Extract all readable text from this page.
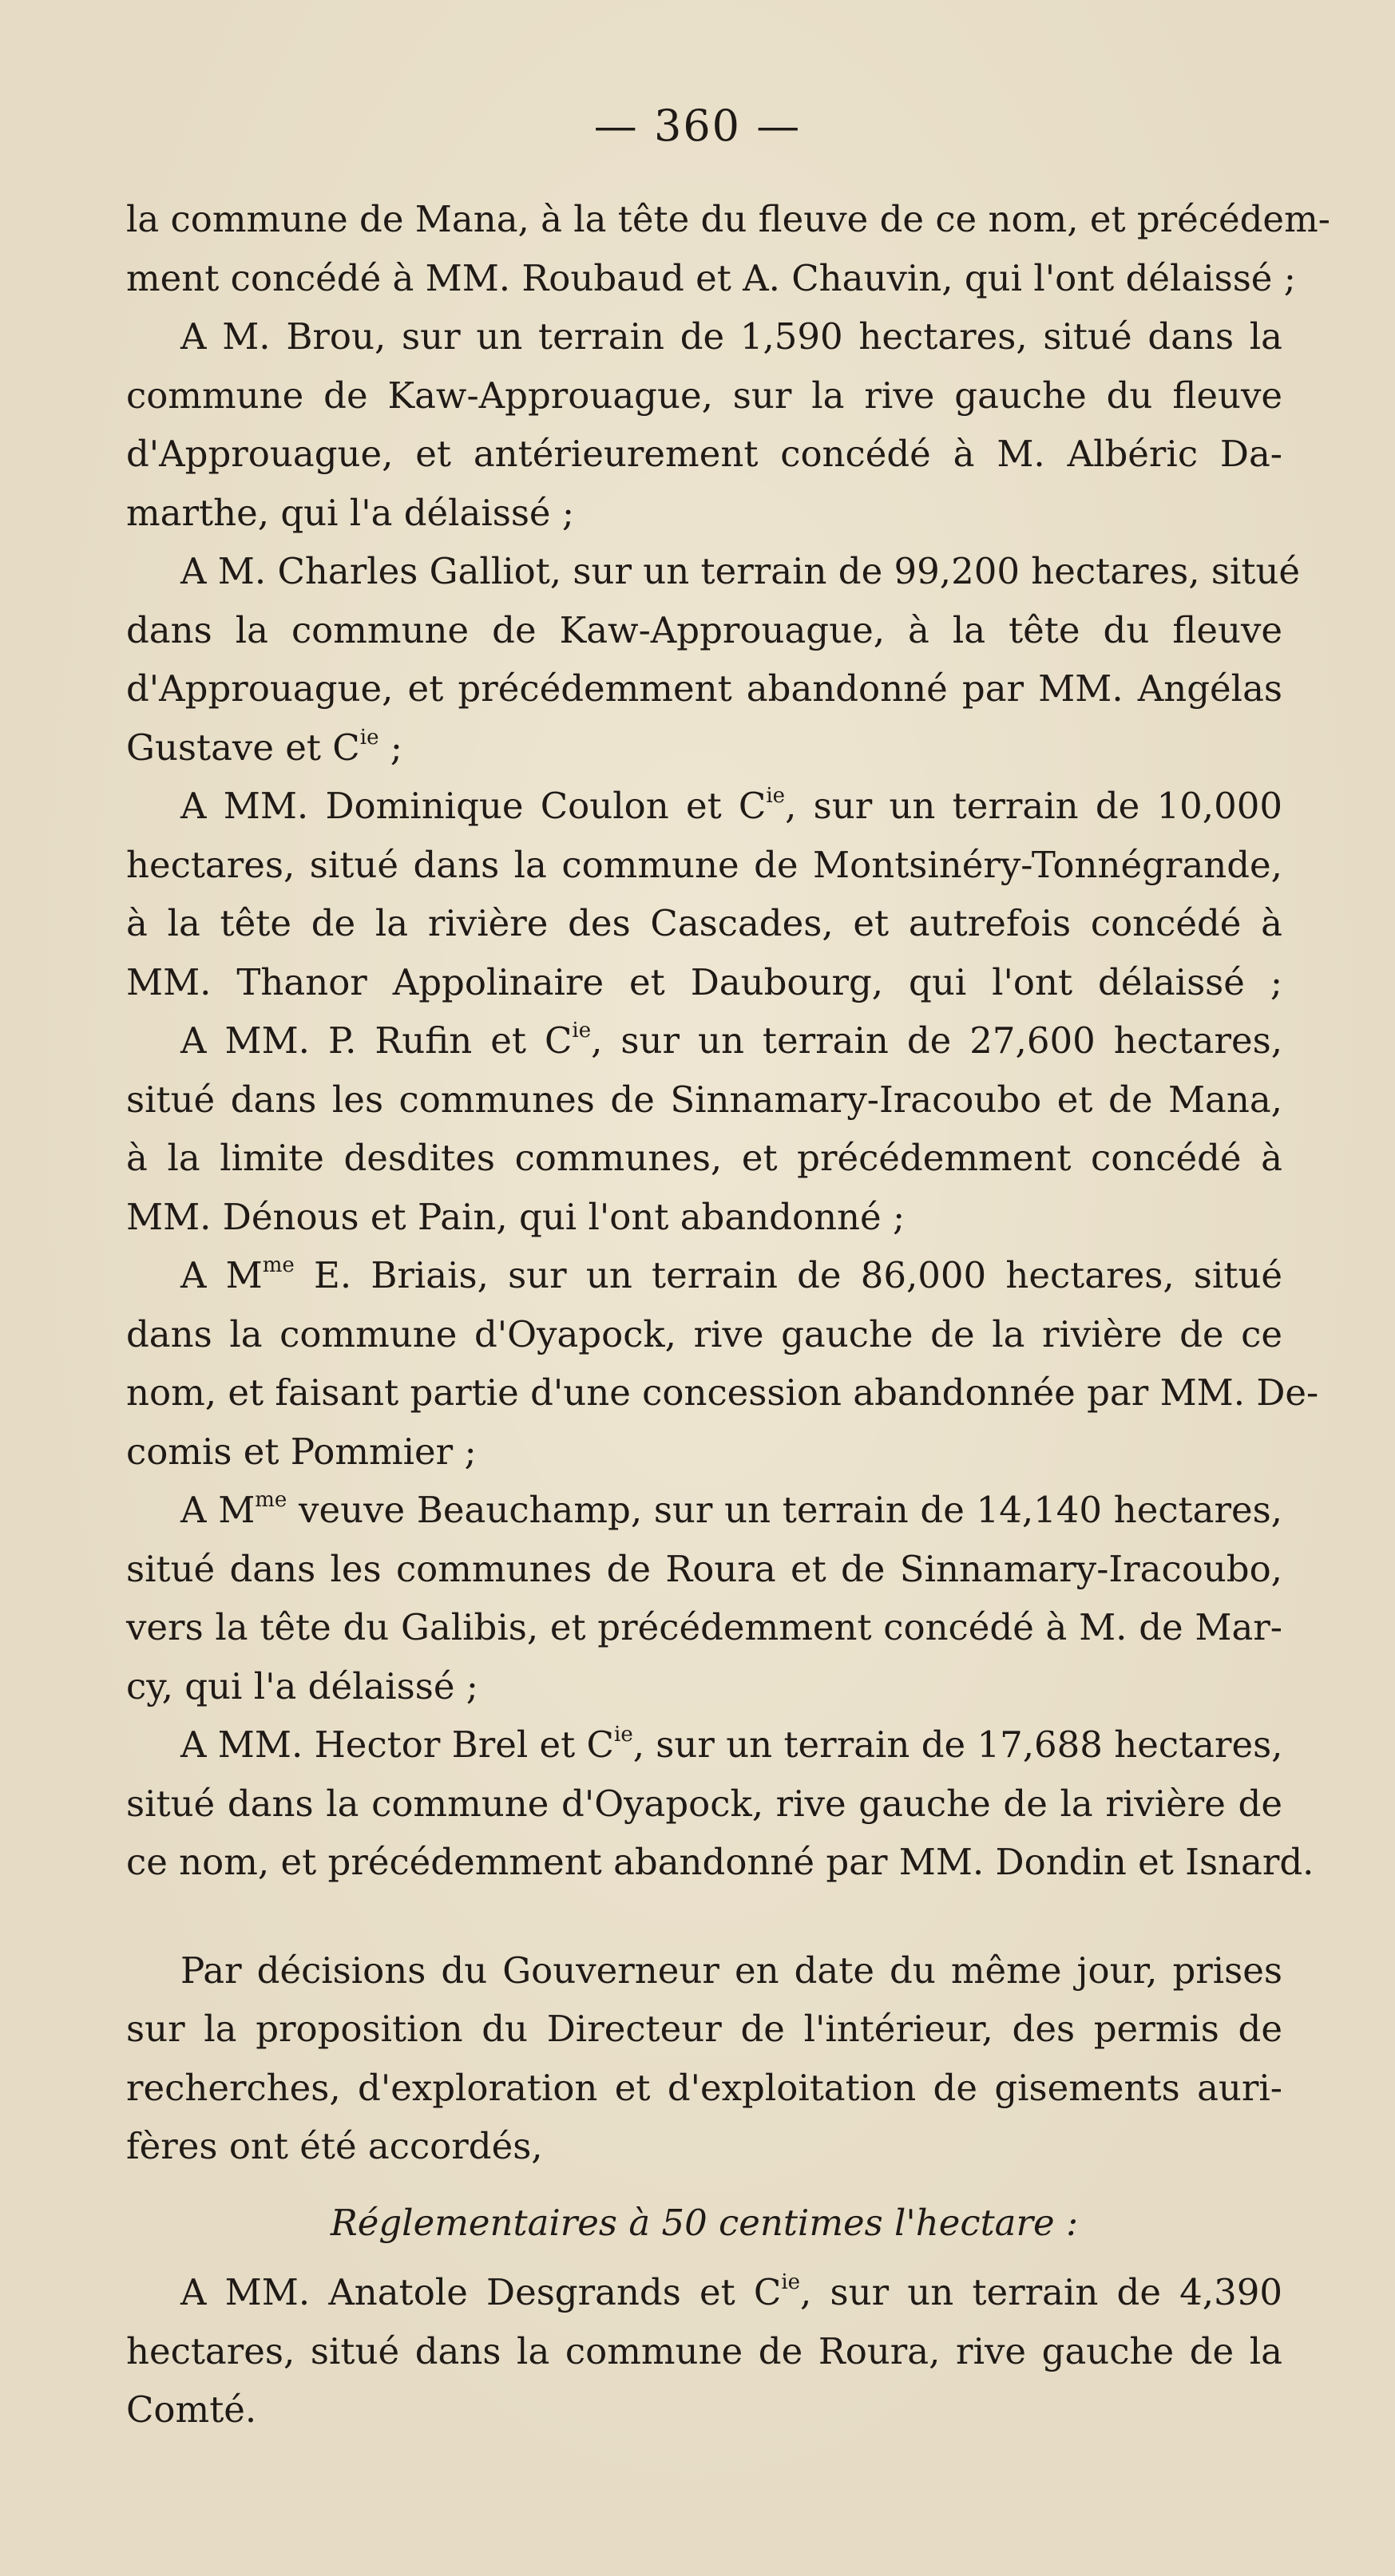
— 360 —
la commune de Mana, à la tête du fleuve de ce nom, et précédem-
ment concédé à MM. Roubaud et A. Chauvin, qui l'ont délaissé ;
A M. Brou, sur un terrain de 1,590 hectares, situé dans la
commune de Kaw-Approuague, sur la rive gauche du fleuve
d'Approuague, et antérieurement concédé à M. Albéric Da-
marthe, qui l'a délaissé ;
A M. Charles Galliot, sur un terrain de 99,200 hectares, situé
dans la commune de Kaw-Approuague, à la tête du fleuve
d'Approuague, et précédemment abandonné par MM. Angélas
Gustave et $C^{ie}$ ;
A MM. Dominique Coulon et $C^{ie}$, sur un terrain de 10,000
hectares, situé dans la commune de Montsinéry-Tonnégrande,
à la tête de la rivière des Cascades, et autrefois concédé à
MM. Thanor Appolinaire et Daubourg, qui l'ont délaissé ;
A MM. P. Rufin et $C^{ie}$, sur un terrain de 27,600 hectares,
situé dans les communes de Sinnamary-Iracoubo et de Mana,
à la limite desdites communes, et précédemment concédé à
MM. Dénous et Pain, qui l'ont abandonné ;
A $M^{me}$ E. Briais, sur un terrain de 86,000 hectares, situé
dans la commune d'Oyapock, rive gauche de la rivière de ce
nom, et faisant partie d'une concession abandonnée par MM. De-
comis et Pommier ;
A $M^{me}$ veuve Beauchamp, sur un terrain de 14,140 hectares,
situé dans les communes de Roura et de Sinnamary-Iracoubo,
vers la tête du Galibis, et précédemment concédé à M. de Mar-
cy, qui l'a délaissé ;
A MM. Hector Brel et $C^{ie}$, sur un terrain de 17,688 hectares,
situé dans la commune d'Oyapock, rive gauche de la rivière de
ce nom, et précédemment abandonné par MM. Dondin et Isnard.
Par décisions du Gouverneur en date du même jour, prises
sur la proposition du Directeur de l'intérieur, des permis de
recherches, d'exploration et d'exploitation de gisements auri-
fères ont été accordés,
Réglementaires à 50 centimes l'hectare :
A MM. Anatole Desgrands et $C^{ie}$, sur un terrain de 4,390
hectares, situé dans la commune de Roura, rive gauche de la
Comté.
